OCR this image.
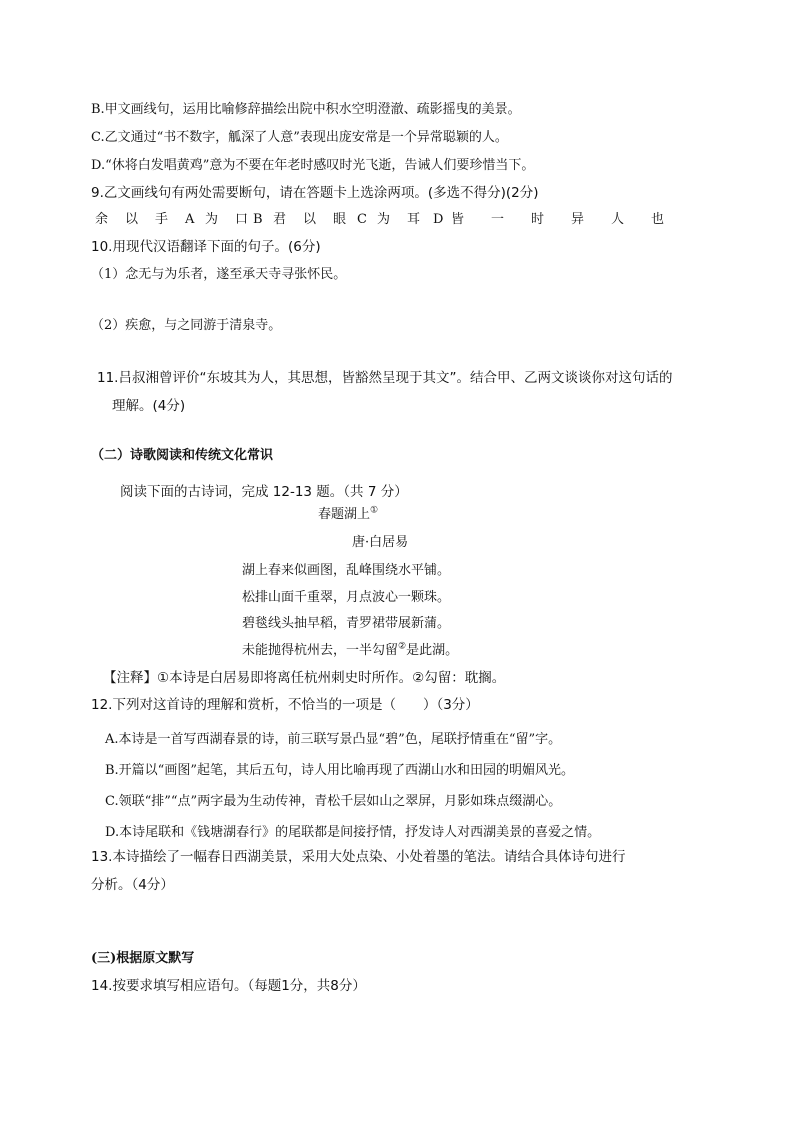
B.甲文画线句，运用比喻修辞描绘出院中积水空明澄澈、疏影摇曳的美景。
C.乙文通过“书不数字，觚深了人意”表现出庞安常是一个异常聪颖的人。
D.“休将白发唱黄鸡”意为不要在年老时感叹时光飞逝，告诫人们要珍惜当下。
9.乙文画线句有两处需要断句，请在答题卡上选涂两项。(多选不得分)(2分)
余 以 手 A 为 口 B 君 以 眼 C 为 耳 D 皆 一 时 异 人 也
10.用现代汉语翻译下面的句子。(6分)
（1）念无与为乐者，遂至承天寺寻张怀民。
（2）疾愈，与之同游于清泉寺。
11.吕叔湘曾评价“东坡其为人，其思想，皆豁然呈现于其文”。结合甲、乙两文谈谈你对这句话的
理解。(4分)
（二）诗歌阅读和传统文化常识
阅读下面的古诗词，完成 12-13 题。（共 7 分）
春题湖上①
唐·白居易
湖上春来似画图，乱峰围绕水平铺。
松排山面千重翠，月点波心一颗珠。
碧毯线头抽早稻，青罗裙带展新蒲。
未能抛得杭州去，一半勾留②是此湖。
【注释】①本诗是白居易即将离任杭州刺史时所作。②勾留：耽搁。
12.下列对这首诗的理解和赏析，不恰当的一项是（　　）（3分）
A.本诗是一首写西湖春景的诗，前三联写景凸显“碧”色，尾联抒情重在“留”字。
B.开篇以“画图”起笔，其后五句，诗人用比喻再现了西湖山水和田园的明媚风光。
C.领联“排”“点”两字最为生动传神，青松千层如山之翠屏，月影如珠点缀湖心。
D.本诗尾联和《钱塘湖春行》的尾联都是间接抒情，抒发诗人对西湖美景的喜爱之情。
13.本诗描绘了一幅春日西湖美景，采用大处点染、小处着墨的笔法。请结合具体诗句进行
分析。（4分）
(三)根据原文默写
14.按要求填写相应语句。（每题1分，共8分）
